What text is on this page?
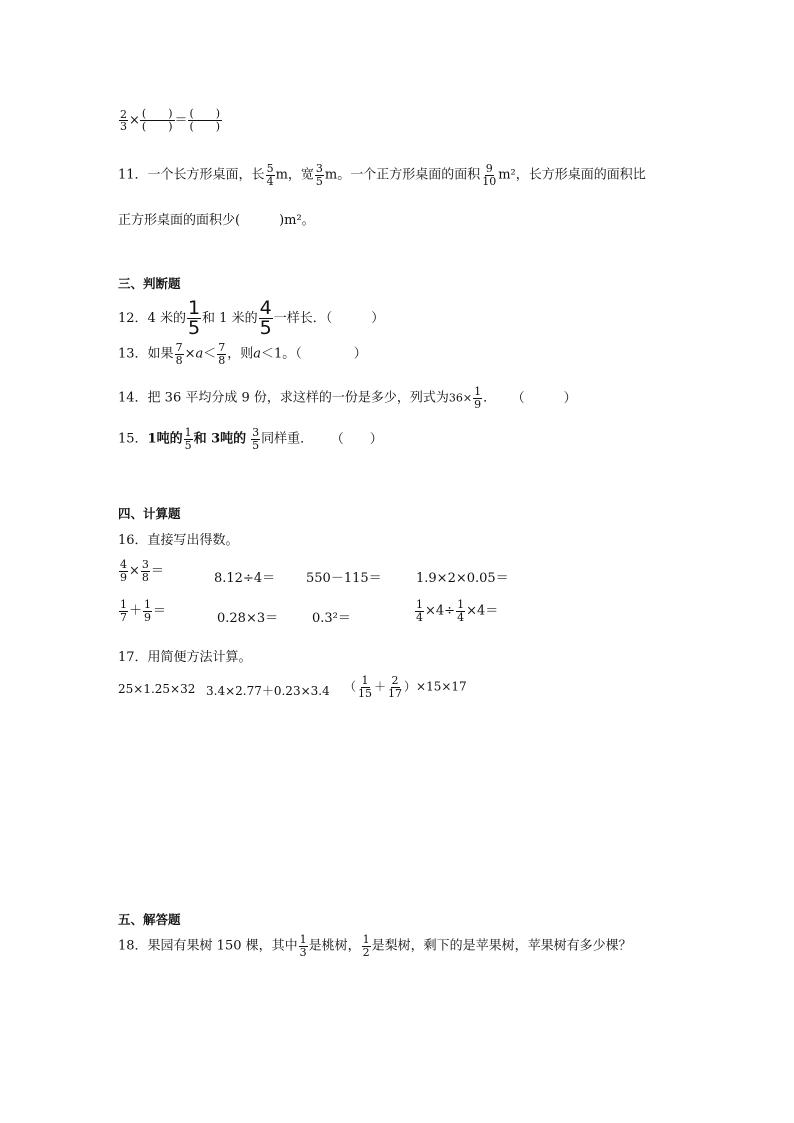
$\frac{2}{3} \times \frac{( )}{( )} = \frac{( )}{( )}$
11．一个长方形桌面，长 $\frac{5}{4}$ m，宽 $\frac{3}{5}$ m。一个正方形桌面的面积 $\frac{9}{10} m^2$，长方形桌面的面积比
正方形桌面的面积少(　　　)m²。
三、判断题
12．4 米的 $\frac{1}{5}$ 和 1 米的 $\frac{4}{5}$ 一样长．（　　　）
13．如果 $\frac{7}{8} \times a< \frac{7}{8}$ ，则a＜1。（　　　　）
14．把 36 平均分成 9 份，求这样的一份是多少，列式为$36\times \frac{1}{9}$ ． （　　　）
15．1吨的 $\frac{1}{5}$ 和 3吨的 $\frac{3}{5}$ 同样重． （　　）
四、计算题
16．直接写出得数。
$\frac{4}{9} \times \frac{3}{8}$ ＝	8.12÷4＝ 550－115＝	1.9×2×0.05＝
$\frac{1}{7} + \frac{1}{9}$ ＝	0.28×3＝	0.3²＝	$\frac{1}{4} \times 4\div \frac{1}{4} \times 4=$
17．用简便方法计算。
25×1.25×32 3.4×2.77＋0.23×3.4 （ $\frac{1}{15} + \frac{2}{17} )\times 15\times 17$
五、解答题
18．果园有果树 150 棵，其中 $\frac{1}{3}$ 是桃树， $\frac{1}{2}$ 是梨树，剩下的是苹果树，苹果树有多少棵？
